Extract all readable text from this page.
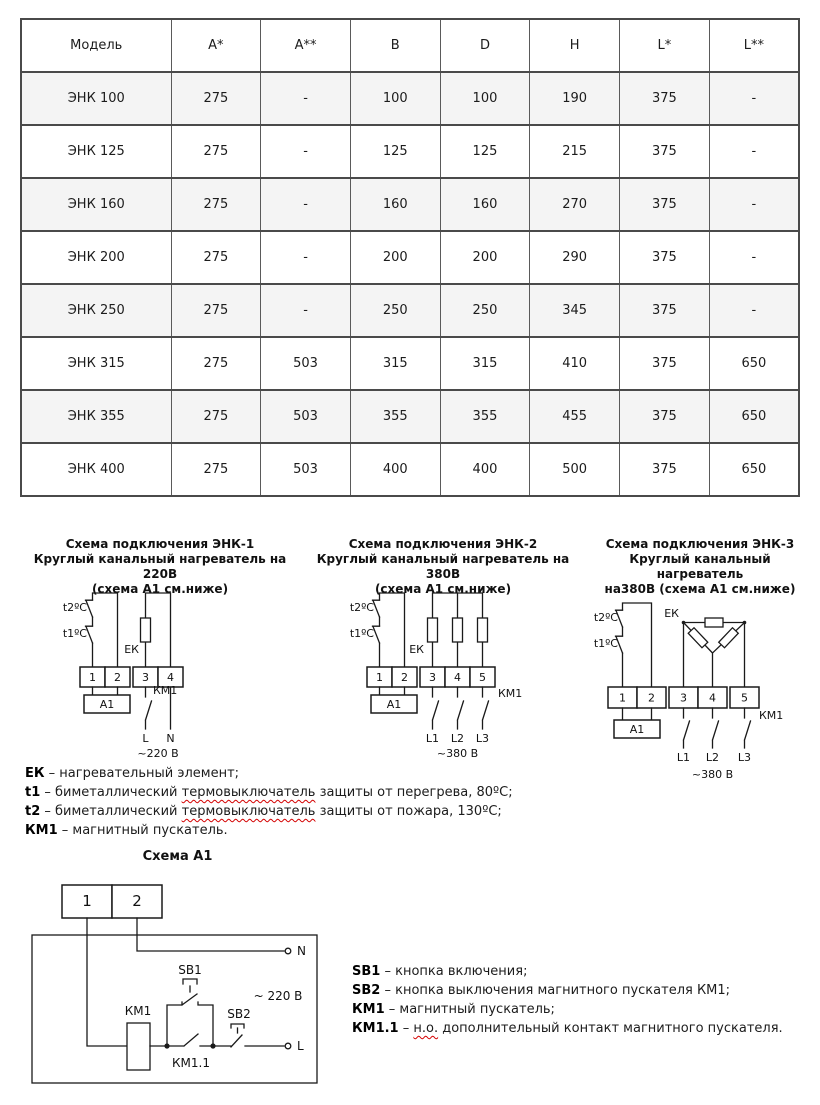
Модель	A*	A**	B	D	H	L*	L**
ЭНК 100	275	-	100	100	190	375	-
ЭНК 125	275	-	125	125	215	375	-
ЭНК 160	275	-	160	160	270	375	-
ЭНК 200	275	-	200	200	290	375	-
ЭНК 250	275	-	250	250	345	375	-
ЭНК 315	275	503	315	315	410	375	650
ЭНК 355	275	503	355	355	455	375	650
ЭНК 400	275	503	400	400	500	375	650
Схема подключения ЭНК-1
Круглый канальный нагреватель на 220В
(схема А1 см.ниже)
Схема подключения ЭНК-2
Круглый канальный нагреватель на 380В
(схема А1 см.ниже)
Схема подключения ЭНК-3
Круглый канальный нагреватель
на380В (схема А1 см.ниже)
1 2 3 4
А1
t2ºC
t1ºC
ЕК
КМ1
L N
~220 В
1 2 3 4 5
А1
t2ºC
t1ºC
ЕК
КМ1
L1 L2 L3
~380 В
1 2 3 4 5
А1
t2ºC
t1ºC
ЕК
КМ1
L1 L2 L3
~380 В
ЕК – нагревательный элемент;
t1 – биметаллический термовыключатель защиты от перегрева, 80ºС;
t2 – биметаллический термовыключатель защиты от пожара, 130ºС;
КМ1 – магнитный пускатель.
Схема А1
1	2
N
КМ1
КМ1.1
SB1
SB2
L
~ 220 В
SB1 – кнопка включения;
SB2 – кнопка выключения магнитного пускателя КМ1;
КМ1 – магнитный пускатель;
КМ1.1 – н.о. дополнительный контакт магнитного пускателя.
